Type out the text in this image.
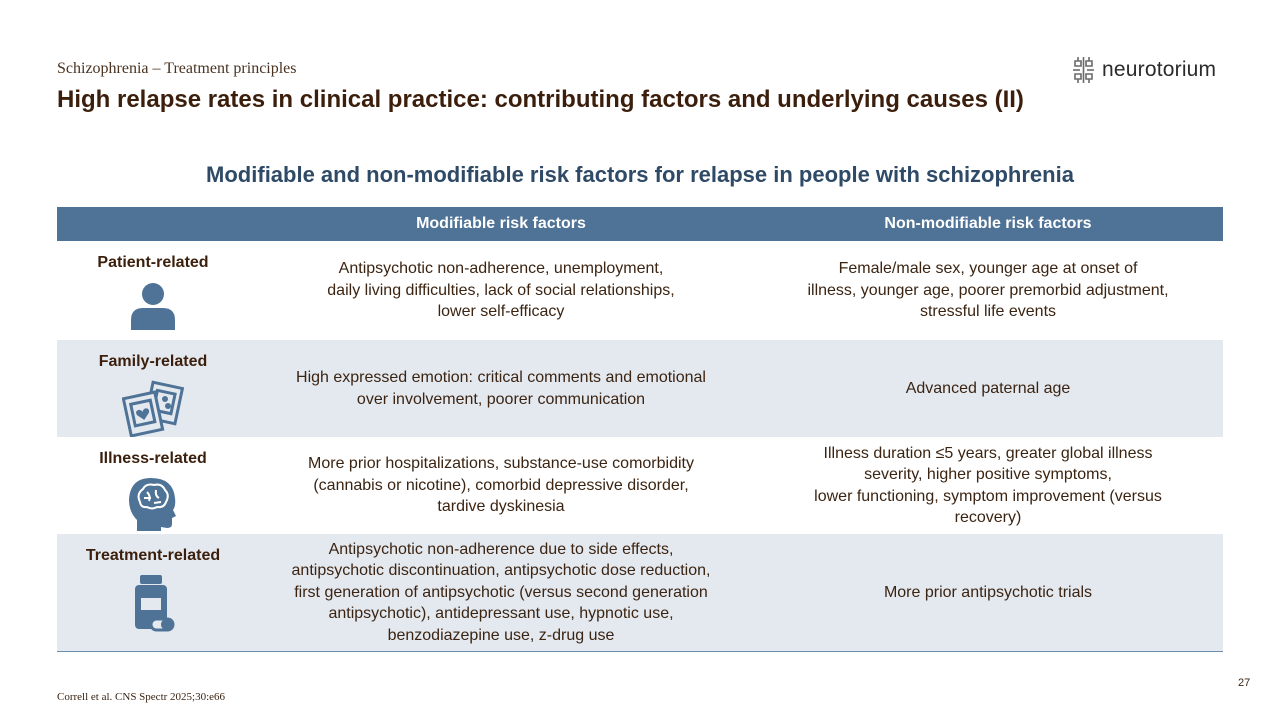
Schizophrenia – Treatment principles
High relapse rates in clinical practice: contributing factors and underlying causes (II)
neurotorium
Modifiable and non-modifiable risk factors for relapse in people with schizophrenia
	Modifiable risk factors	Non-modifiable risk factors

Patient-related	Antipsychotic non-adherence, unemployment,
daily living difficulties, lack of social relationships,
lower self-efficacy	Female/male sex, younger age at onset of
illness, younger age, poorer premorbid adjustment,
stressful life events

Family-related	High expressed emotion: critical comments and emotional
over involvement, poorer communication	Advanced paternal age

Illness-related	More prior hospitalizations, substance-use comorbidity
(cannabis or nicotine), comorbid depressive disorder,
tardive dyskinesia	Illness duration ≤5 years, greater global illness
severity, higher positive symptoms,
lower functioning, symptom improvement (versus
recovery)

Treatment-related	Antipsychotic non-adherence due to side effects,
antipsychotic discontinuation, antipsychotic dose reduction,
first generation of antipsychotic (versus second generation
antipsychotic), antidepressant use, hypnotic use,
benzodiazepine use, z-drug use	More prior antipsychotic trials
27
Correll et al. CNS Spectr 2025;30:e66
